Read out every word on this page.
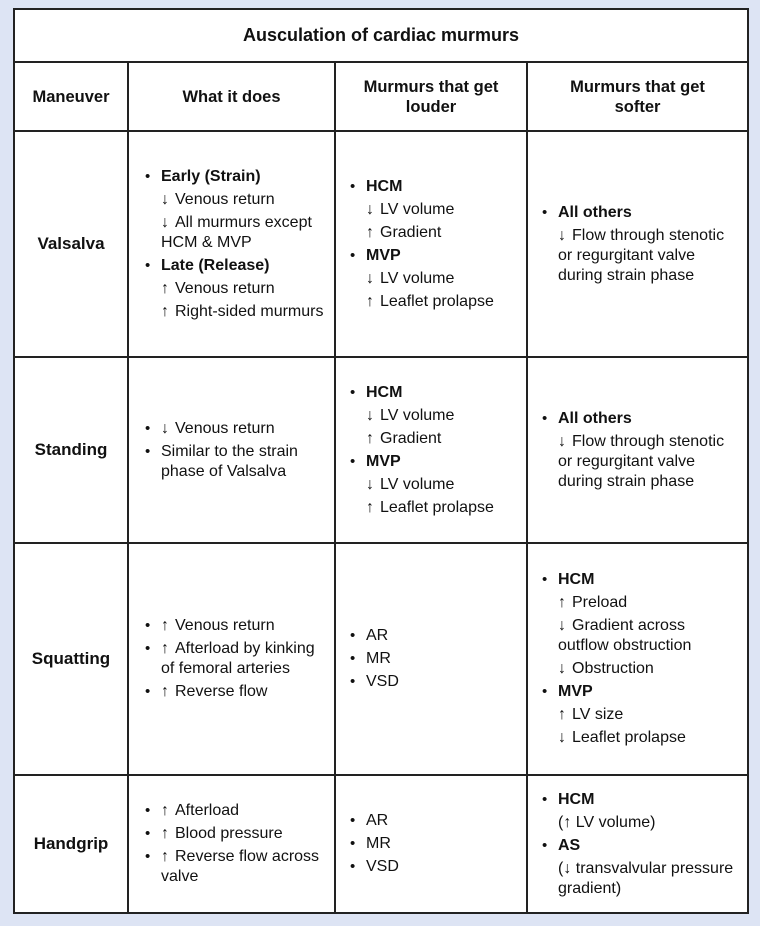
Ausculation of cardiac murmurs
Maneuver	What it does
Murmurs that get louder
Murmurs that get softer
Valsalva
• Early (Strain)
↓ Venous return
↓ All murmurs except HCM & MVP
• Late (Release)
↑ Venous return
↑ Right-sided murmurs
• HCM
↓ LV volume
↑ Gradient
• MVP
↓ LV volume
↑ Leaflet prolapse
• All others
↓ Flow through stenotic or regurgitant valve during strain phase
Standing
• ↓ Venous return
• Similar to the strain phase of Valsalva
• HCM
↓ LV volume
↑ Gradient
• MVP
↓ LV volume
↑ Leaflet prolapse
• All others
↓ Flow through stenotic or regurgitant valve during strain phase
Squatting
• ↑ Venous return
• ↑ Afterload by kinking of femoral arteries
• ↑ Reverse flow
• AR
• MR
• VSD
• HCM
↑ Preload
↓ Gradient across outflow obstruction
↓ Obstruction
• MVP
↑ LV size
↓ Leaflet prolapse
Handgrip
• ↑ Afterload
• ↑ Blood pressure
• ↑ Reverse flow across valve
• AR
• MR
• VSD
• HCM
(↑ LV volume)
• AS
(↓ transvalvular pressure gradient)
